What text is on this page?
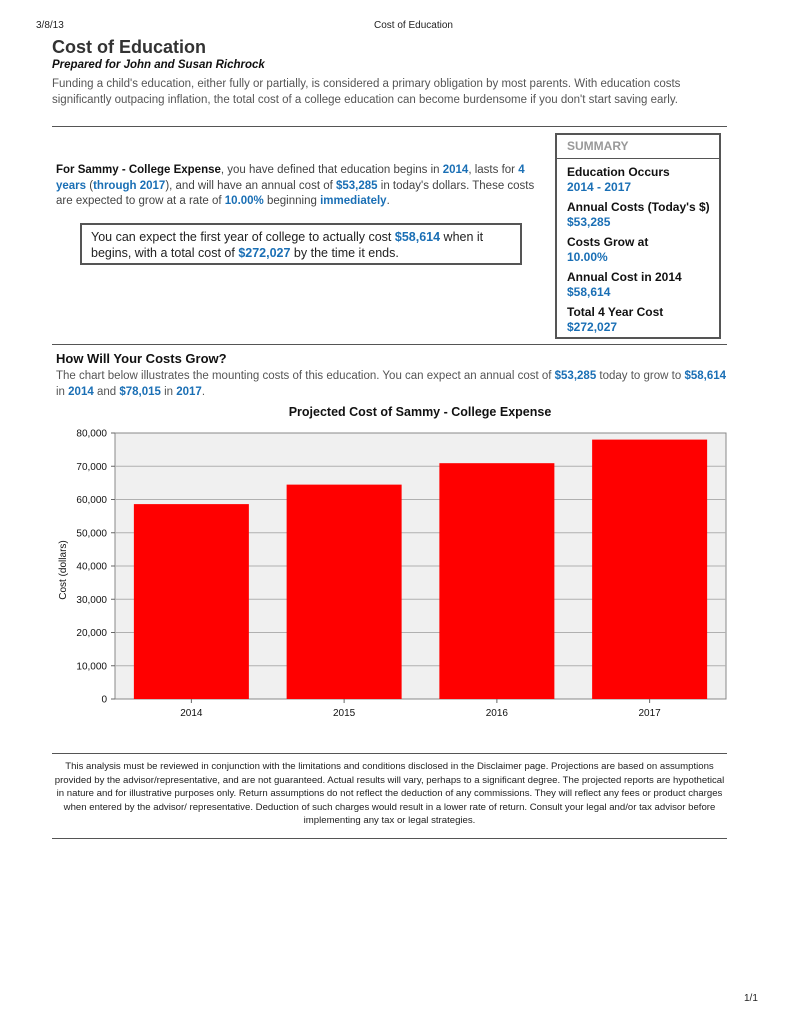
3/8/13	Cost of Education
Cost of Education
Prepared for John and Susan Richrock
Funding a child's education, either fully or partially, is considered a primary obligation by most parents. With education costs significantly outpacing inflation, the total cost of a college education can become burdensome if you don't start saving early.
For Sammy - College Expense, you have defined that education begins in 2014, lasts for 4 years (through 2017), and will have an annual cost of $53,285 in today's dollars. These costs are expected to grow at a rate of 10.00% beginning immediately.
You can expect the first year of college to actually cost $58,614 when it begins, with a total cost of $272,027 by the time it ends.
SUMMARY
Education Occurs
2014 - 2017
Annual Costs (Today's $)
$53,285
Costs Grow at
10.00%
Annual Cost in 2014
$58,614
Total 4 Year Cost
$272,027
How Will Your Costs Grow?
The chart below illustrates the mounting costs of this education. You can expect an annual cost of $53,285 today to grow to $58,614 in 2014 and $78,015 in 2017.
Projected Cost of Sammy - College Expense
Cost (dollars)
0
10,000
20,000
30,000
40,000
50,000
60,000
70,000
80,000
2014	2015	2016	2017
This analysis must be reviewed in conjunction with the limitations and conditions disclosed in the Disclaimer page. Projections are based on assumptions provided by the advisor/representative, and are not guaranteed. Actual results will vary, perhaps to a significant degree. The projected reports are hypothetical in nature and for illustrative purposes only. Return assumptions do not reflect the deduction of any commissions. They will reflect any fees or product charges when entered by the advisor/ representative. Deduction of such charges would result in a lower rate of return. Consult your legal and/or tax advisor before implementing any tax or legal strategies.
1/1
